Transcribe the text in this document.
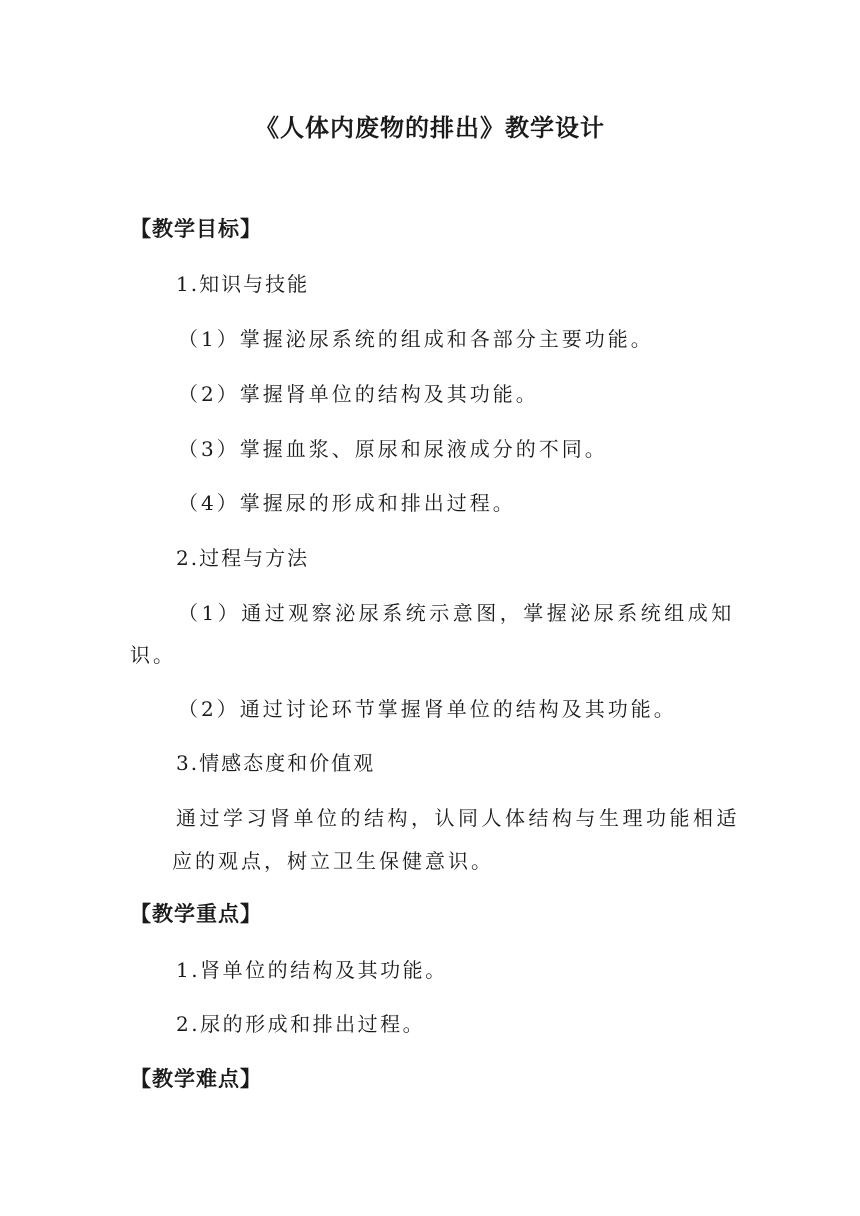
《人体内废物的排出》教学设计
【教学目标】
1.知识与技能
（1）掌握泌尿系统的组成和各部分主要功能。
（2）掌握肾单位的结构及其功能。
（3）掌握血浆、原尿和尿液成分的不同。
（4）掌握尿的形成和排出过程。
2.过程与方法
（1）通过观察泌尿系统示意图，掌握泌尿系统组成知
识。
（2）通过讨论环节掌握肾单位的结构及其功能。
3.情感态度和价值观
通过学习肾单位的结构，认同人体结构与生理功能相适
应的观点，树立卫生保健意识。
【教学重点】
1.肾单位的结构及其功能。
2.尿的形成和排出过程。
【教学难点】
